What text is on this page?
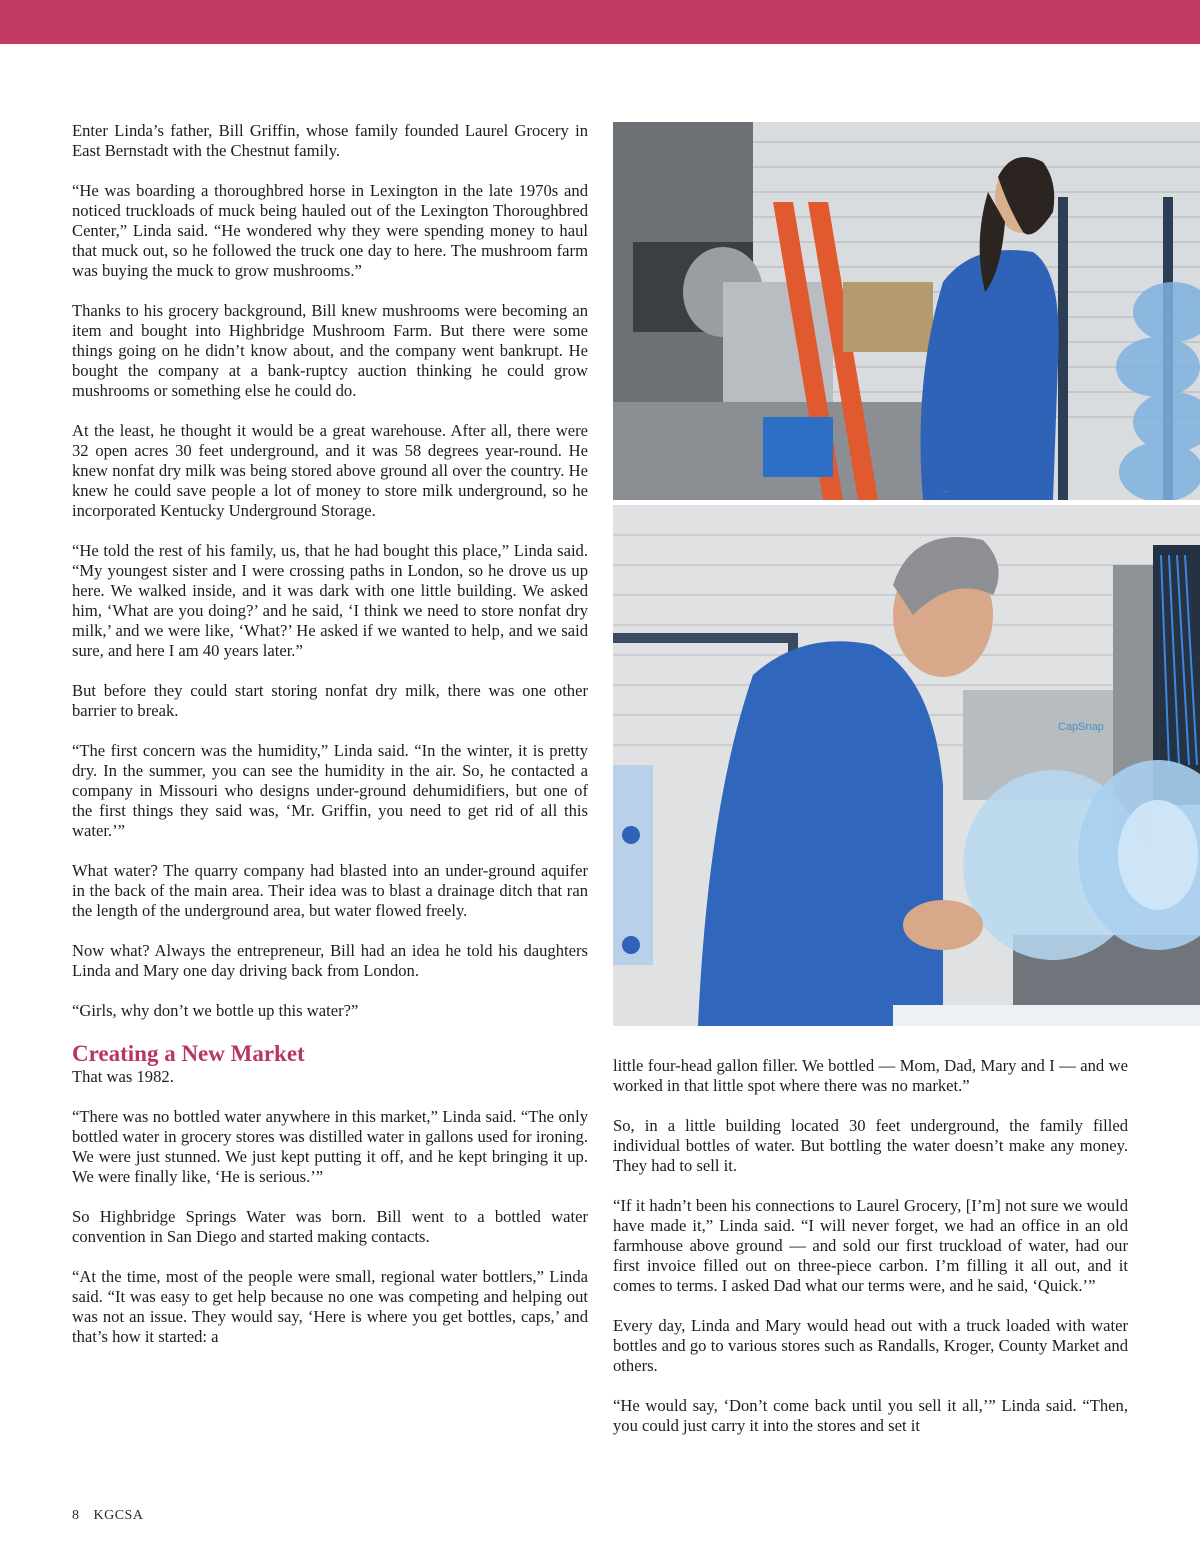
Enter Linda’s father, Bill Griffin, whose family founded Laurel Grocery in East Bernstadt with the Chestnut family.

“He was boarding a thoroughbred horse in Lexington in the late 1970s and noticed truckloads of muck being hauled out of the Lexington Thoroughbred Center,” Linda said. “He wondered why they were spending money to haul that muck out, so he followed the truck one day to here. The mushroom farm was buying the muck to grow mushrooms.”

Thanks to his grocery background, Bill knew mushrooms were becoming an item and bought into Highbridge Mushroom Farm. But there were some things going on he didn’t know about, and the company went bankrupt. He bought the company at a bank-ruptcy auction thinking he could grow mushrooms or something else he could do.

At the least, he thought it would be a great warehouse. After all, there were 32 open acres 30 feet underground, and it was 58 degrees year-round. He knew nonfat dry milk was being stored above ground all over the country. He knew he could save people a lot of money to store milk underground, so he incorporated Kentucky Underground Storage.

“He told the rest of his family, us, that he had bought this place,” Linda said. “My youngest sister and I were crossing paths in London, so he drove us up here. We walked inside, and it was dark with one little building. We asked him, ‘What are you doing?’ and he said, ‘I think we need to store nonfat dry milk,’ and we were like, ‘What?’ He asked if we wanted to help, and we said sure, and here I am 40 years later.”

But before they could start storing nonfat dry milk, there was one other barrier to break.

“The first concern was the humidity,” Linda said. “In the winter, it is pretty dry. In the summer, you can see the humidity in the air. So, he contacted a company in Missouri who designs under-ground dehumidifiers, but one of the first things they said was, ‘Mr. Griffin, you need to get rid of all this water.’”

What water? The quarry company had blasted into an under-ground aquifer in the back of the main area. Their idea was to blast a drainage ditch that ran the length of the underground area, but water flowed freely.

Now what? Always the entrepreneur, Bill had an idea he told his daughters Linda and Mary one day driving back from London.

“Girls, why don’t we bottle up this water?”

Creating a New Market

That was 1982.

“There was no bottled water anywhere in this market,” Linda said. “The only bottled water in grocery stores was distilled water in gallons used for ironing. We were just stunned. We just kept putting it off, and he kept bringing it up. We were finally like, ‘He is serious.’”

So Highbridge Springs Water was born. Bill went to a bottled water convention in San Diego and started making contacts.

“At the time, most of the people were small, regional water bottlers,” Linda said. “It was easy to get help because no one was competing and helping out was not an issue. They would say, ‘Here is where you get bottles, caps,’ and that’s how it started: a

CapSnap
CapSnap

little four-head gallon filler. We bottled — Mom, Dad, Mary and I — and we worked in that little spot where there was no market.”

So, in a little building located 30 feet underground, the family filled individual bottles of water. But bottling the water doesn’t make any money. They had to sell it.

“If it hadn’t been his connections to Laurel Grocery, [I’m] not sure we would have made it,” Linda said. “I will never forget, we had an office in an old farmhouse above ground — and sold our first truckload of water, had our first invoice filled out on three-piece carbon. I’m filling it all out, and it comes to terms. I asked Dad what our terms were, and he said, ‘Quick.’”

Every day, Linda and Mary would head out with a truck loaded with water bottles and go to various stores such as Randalls, Kroger, County Market and others.

“He would say, ‘Don’t come back until you sell it all,’” Linda said. “Then, you could just carry it into the stores and set it

8 KGCSA
